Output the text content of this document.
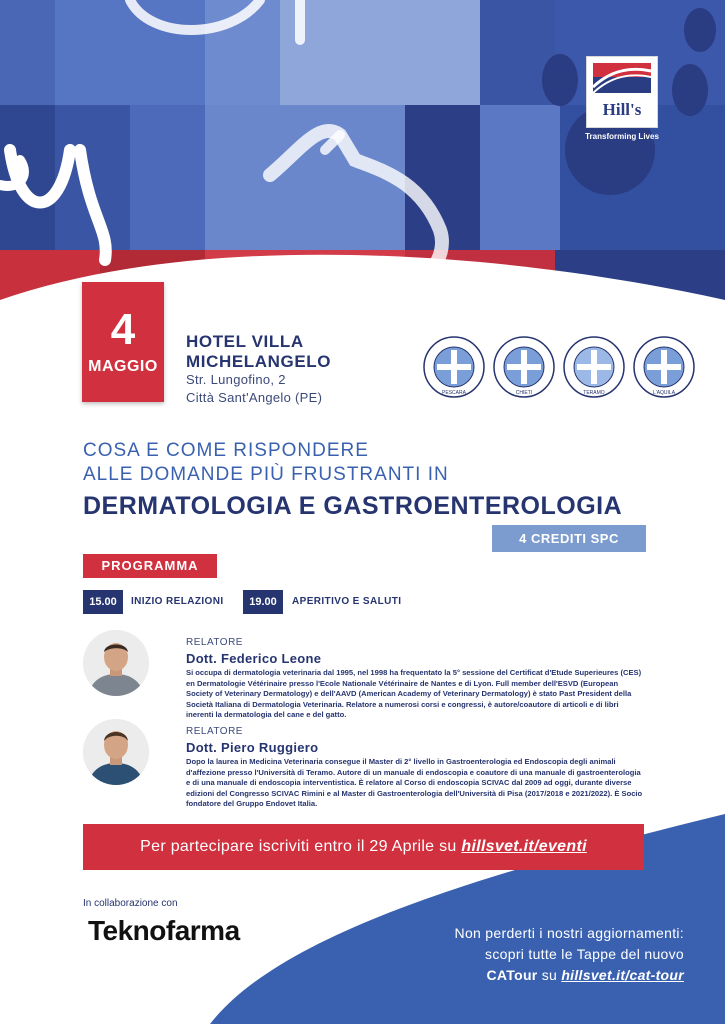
Hill's
Transforming Lives
4
MAGGIO
HOTEL VILLA MICHELANGELO
Str. Lungofino, 2
Città Sant'Angelo (PE)	PESCARA	CHIETI	TERAMO	L'AQUILA
COSA E COME RISPONDERE
ALLE DOMANDE PIÙ FRUSTRANTI IN
DERMATOLOGIA E GASTROENTEROLOGIA
4 CREDITI SPC
PROGRAMMA
15.00	INIZIO RELAZIONI	19.00	APERITIVO E SALUTI
RELATORE
Dott. Federico Leone
Si occupa di dermatologia veterinaria dal 1995, nel 1998 ha frequentato la 5° sessione del Certificat d'Etude Superieures (CES) en Dermatologie Vétérinaire presso l'Ecole Nationale Vétérinaire de Nantes e di Lyon. Full member dell'ESVD (European Society of Veterinary Dermatology) e dell'AAVD (American Academy of Veterinary Dermatology) è stato Past President della Società Italiana di Dermatologia Veterinaria. Relatore a numerosi corsi e congressi, è autore/coautore di articoli e di libri inerenti la dermatologia del cane e del gatto.
RELATORE
Dott. Piero Ruggiero
Dopo la laurea in Medicina Veterinaria consegue il Master di 2° livello in Gastroenterologia ed Endoscopia degli animali d'affezione presso l'Università di Teramo. Autore di un manuale di endoscopia e coautore di una manuale di gastroenterologia e di una manuale di endoscopia interventistica. È relatore al Corso di endoscopia SCIVAC dal 2009 ad oggi, durante diverse edizioni del Congresso SCIVAC Rimini e al Master di Gastroenterologia dell'Università di Pisa (2017/2018 e 2021/2022). È Socio fondatore del Gruppo Endovet Italia.
Per partecipare iscriviti entro il 29 Aprile su hillsvet.it/eventi
In collaborazione con
Teknofarma	Non perderti i nostri aggiornamenti:
scopri tutte le Tappe del nuovo
CATour su hillsvet.it/cat-tour
